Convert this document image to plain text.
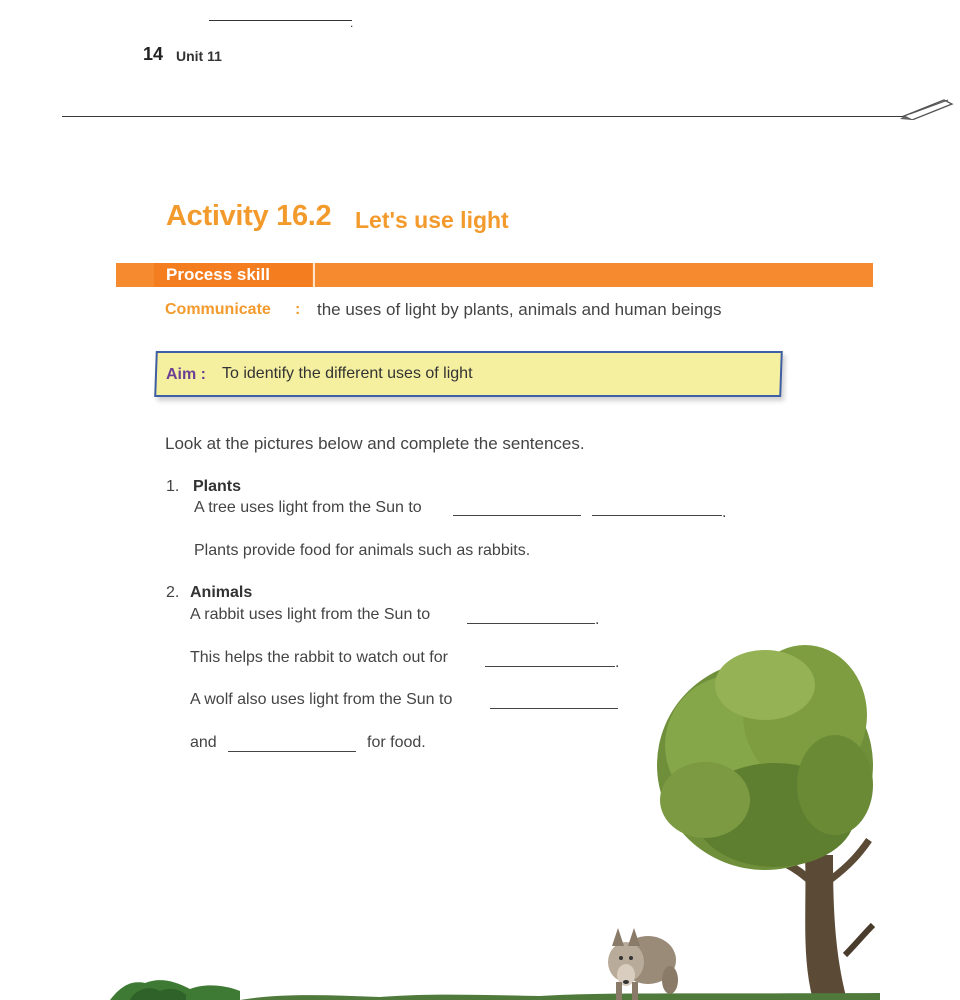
.
14 Unit 11
Activity 16.2 Let's use light
Process skill
Communicate : the uses of light by plants, animals and human beings
Aim : To identify the different uses of light
Look at the pictures below and complete the sentences.
1. Plants
A tree uses light from the Sun to	.
Plants provide food for animals such as rabbits.
2. Animals
A rabbit uses light from the Sun to	.
This helps the rabbit to watch out for	.
A wolf also uses light from the Sun to
and	for food.
